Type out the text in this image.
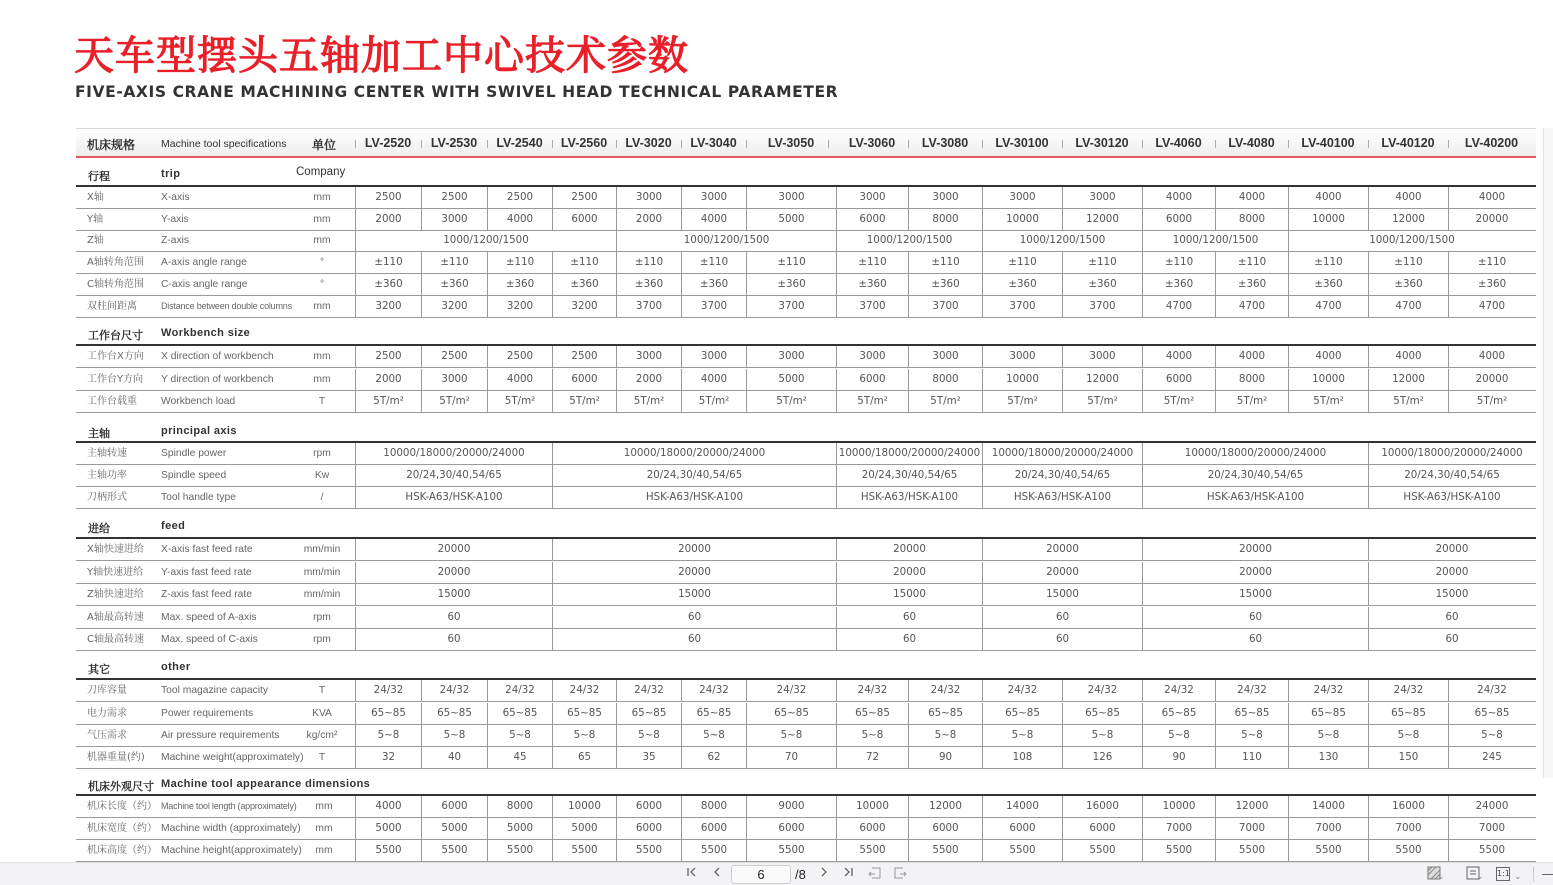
天车型摆头五轴加工中心技术参数
FIVE-AXIS CRANE MACHINING CENTER WITH SWIVEL HEAD TECHNICAL PARAMETER
机床规格 Machine tool specifications 单位 LV-2520 LV-2530 LV-2540 LV-2560 LV-3020 LV-3040 LV-3050	LV-3060 LV-3080 LV-30100 LV-30120 LV-4060 LV-4080 LV-40100 LV-40120 LV-40200
行程	trip	Company
X轴	X-axis	mm	2500	2500	2500	2500	3000	3000	3000	3000	3000	3000	3000	4000	4000	4000	4000	4000
Y轴	Y-axis	mm	2000	3000	4000	6000	2000	4000	5000	6000	8000	10000	12000	6000	8000	10000	12000	20000
Z轴	Z-axis	mm	1000/1200/1500	1000/1200/1500	1000/1200/1500	1000/1200/1500	1000/1200/1500	1000/1200/1500
A轴转角范围 A-axis angle range	°	±110	±110	±110	±110	±110	±110	±110	±110	±110	±110	±110	±110	±110	±110	±110	±110
C轴转角范围 C-axis angle range	°	±360	±360	±360	±360	±360	±360	±360	±360	±360	±360	±360	±360	±360	±360	±360	±360
双柱间距离	Distance between double columns mm	3200	3200	3200	3200	3700	3700	3700	3700	3700	3700	3700	4700	4700	4700	4700	4700
工作台尺寸 Workbench size
工作台X方向 X direction of workbench	mm	2500	2500	2500	2500	3000	3000	3000	3000	3000	3000	3000	4000	4000	4000	4000	4000
工作台Y方向 Y direction of workbench	mm	2000	3000	4000	6000	2000	4000	5000	6000	8000	10000	12000	6000	8000	10000	12000	20000
工作台载重 Workbench load	T	5T/m²	5T/m²	5T/m²	5T/m²	5T/m²	5T/m²	5T/m²	5T/m²	5T/m²	5T/m²	5T/m²	5T/m²	5T/m²	5T/m²	5T/m²	5T/m²
主轴	principal axis
主轴转速	Spindle power	rpm	10000/18000/20000/24000	10000/18000/20000/24000	10000/18000/20000/24000	10000/18000/20000/24000	10000/18000/20000/24000	10000/18000/20000/24000
主轴功率	Spindle speed	Kw	20/24,30/40,54/65	20/24,30/40,54/65	20/24,30/40,54/65	20/24,30/40,54/65	20/24,30/40,54/65	20/24,30/40,54/65
刀柄形式	Tool handle type	/	HSK-A63/HSK-A100	HSK-A63/HSK-A100	HSK-A63/HSK-A100	HSK-A63/HSK-A100	HSK-A63/HSK-A100	HSK-A63/HSK-A100
进给	feed
X轴快速进给 X-axis fast feed rate	mm/min	20000	20000	20000	20000	20000	20000
Y轴快速进给 Y-axis fast feed rate	mm/min	20000	20000	20000	20000	20000	20000
Z轴快速进给 Z-axis fast feed rate	mm/min	15000	15000	15000	15000	15000	15000
A轴最高转速 Max. speed of A-axis	rpm	60	60	60	60	60	60
C轴最高转速 Max. speed of C-axis	rpm	60	60	60	60	60	60
其它	other
刀库容量	Tool magazine capacity	T	24/32	24/32	24/32	24/32	24/32	24/32	24/32	24/32	24/32	24/32	24/32	24/32	24/32	24/32	24/32	24/32
电力需求	Power requirements	KVA	65~85	65~85	65~85	65~85	65~85	65~85	65~85	65~85	65~85	65~85	65~85	65~85	65~85	65~85	65~85	65~85
气压需求	Air pressure requirements	kg/cm²	5~8	5~8	5~8	5~8	5~8	5~8	5~8	5~8	5~8	5~8	5~8	5~8	5~8	5~8	5~8	5~8
机器重量(约) Machine weight(approximately) T	32	40	45	65	35	62	70	72	90	108	126	90	110	130	150	245
机床外观尺寸 Machine tool appearance dimensions
机床长度（约） Machine tool length (approximately) mm	4000	6000	8000	10000	6000	8000	9000	10000	12000	14000	16000	10000	12000	14000	16000	24000
机床宽度（约） Machine width (approximately) mm	5000	5000	5000	5000	6000	6000	6000	6000	6000	6000	6000	7000	7000	7000	7000	7000
机床高度（约） Machine height(approximately) mm	5500	5500	5500	5500	5500	5500	5500	5500	5500	5500	5500	5500	5500	5500	5500	5500
6	/8	⌄	⌄ 1:1 ⌄
